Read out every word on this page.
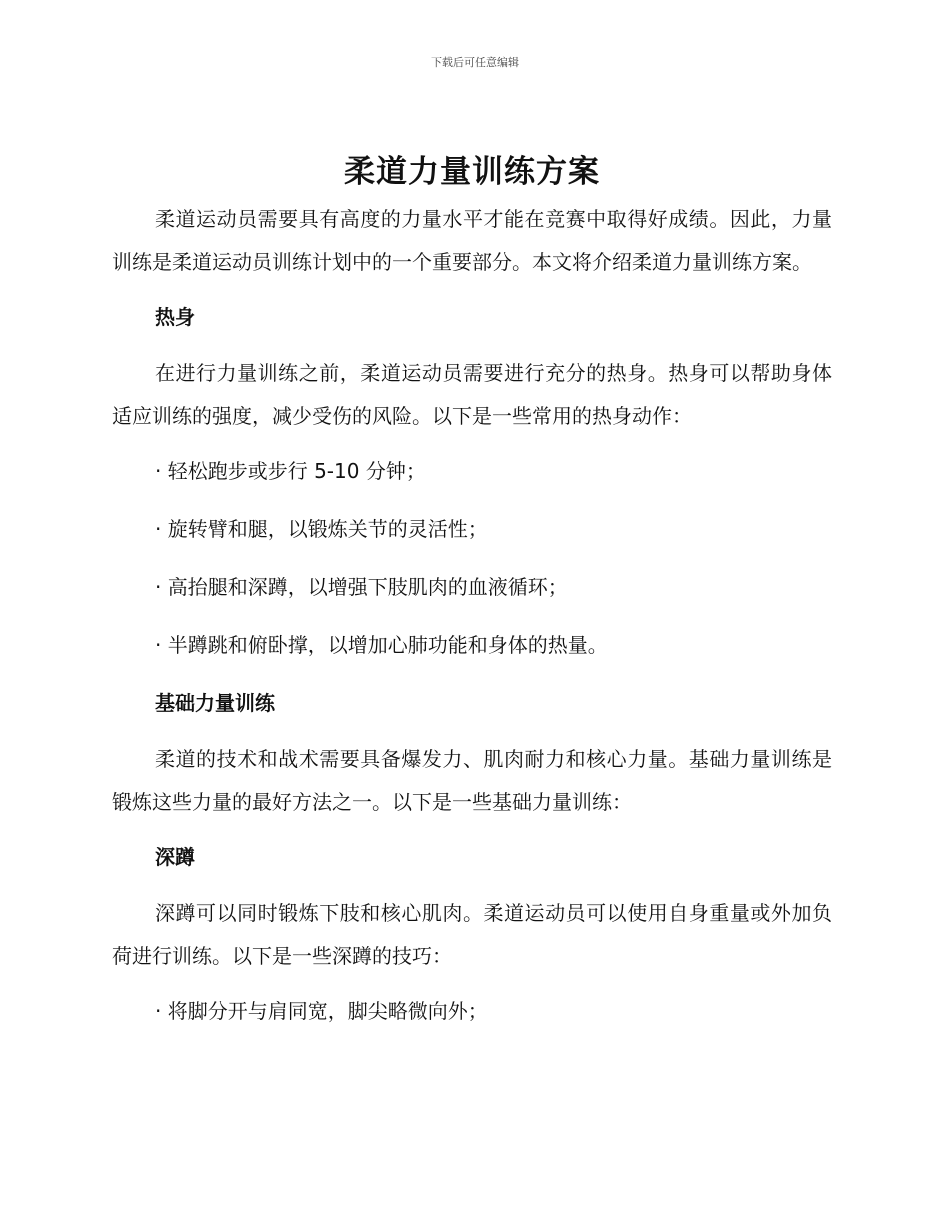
下载后可任意编辑
柔道力量训练方案

柔道运动员需要具有高度的力量水平才能在竞赛中取得好成绩。因此，力量训练是柔道运动员训练计划中的一个重要部分。本文将介绍柔道力量训练方案。

热身

在进行力量训练之前，柔道运动员需要进行充分的热身。热身可以帮助身体适应训练的强度，减少受伤的风险。以下是一些常用的热身动作：

· 轻松跑步或步行 5-10 分钟；
· 旋转臂和腿，以锻炼关节的灵活性；
· 高抬腿和深蹲，以增强下肢肌肉的血液循环；
· 半蹲跳和俯卧撑，以增加心肺功能和身体的热量。
基础力量训练

柔道的技术和战术需要具备爆发力、肌肉耐力和核心力量。基础力量训练是锻炼这些力量的最好方法之一。以下是一些基础力量训练：

深蹲

深蹲可以同时锻炼下肢和核心肌肉。柔道运动员可以使用自身重量或外加负荷进行训练。以下是一些深蹲的技巧：

· 将脚分开与肩同宽，脚尖略微向外；
